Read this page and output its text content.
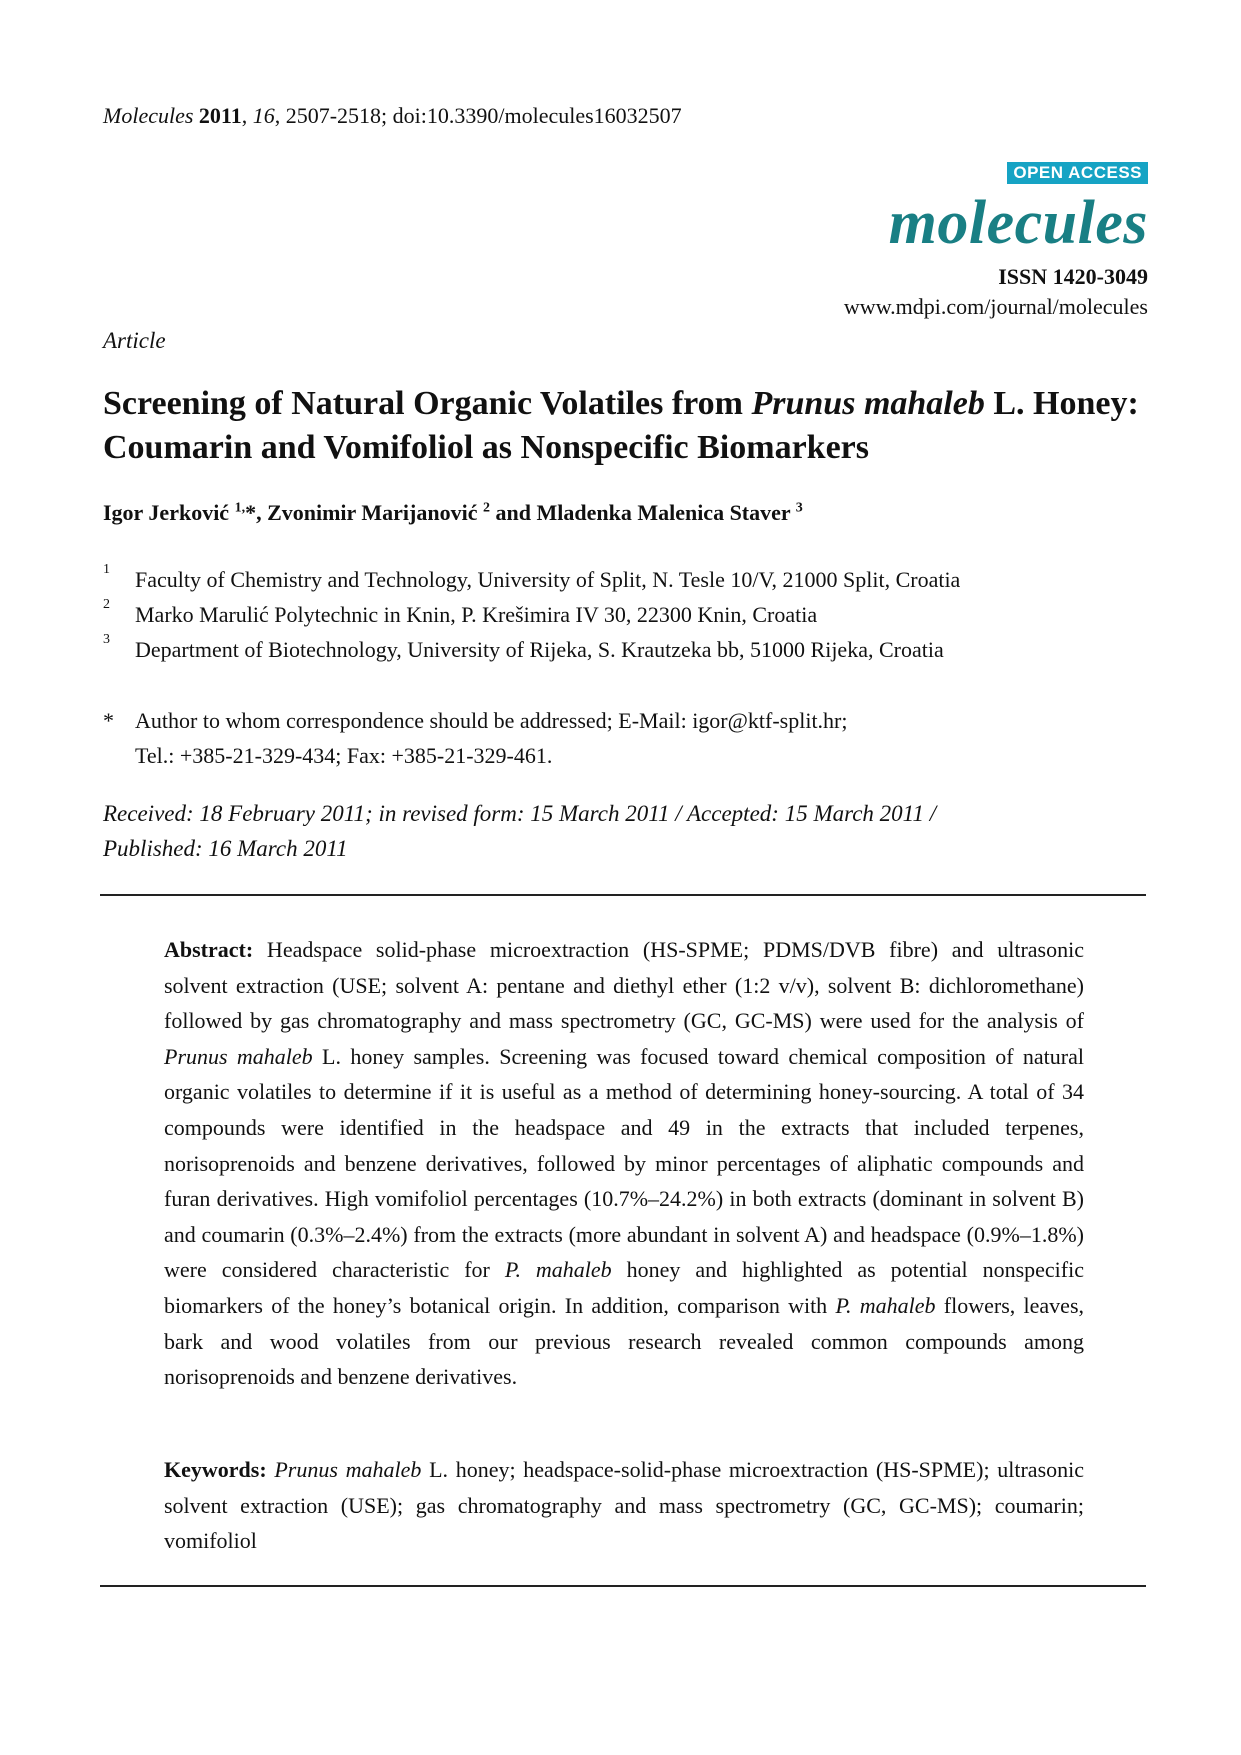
Molecules 2011, 16, 2507-2518; doi:10.3390/molecules16032507
OPEN ACCESS
molecules
ISSN 1420-3049
www.mdpi.com/journal/molecules
Article
Screening of Natural Organic Volatiles from Prunus mahaleb L. Honey: Coumarin and Vomifoliol as Nonspecific Biomarkers
Igor Jerković $^{1,}$*, Zvonimir Marijanović $^2$ and Mladenka Malenica Staver $^3$
1 Faculty of Chemistry and Technology, University of Split, N. Tesle 10/V, 21000 Split, Croatia
2 Marko Marulić Polytechnic in Knin, P. Krešimira IV 30, 22300 Knin, Croatia
3 Department of Biotechnology, University of Rijeka, S. Krautzeka bb, 51000 Rijeka, Croatia
* Author to whom correspondence should be addressed; E-Mail: igor@ktf-split.hr;
Tel.: +385-21-329-434; Fax: +385-21-329-461.
Received: 18 February 2011; in revised form: 15 March 2011 / Accepted: 15 March 2011 /
Published: 16 March 2011
Abstract: Headspace solid-phase microextraction (HS-SPME; PDMS/DVB fibre) and ultrasonic solvent extraction (USE; solvent A: pentane and diethyl ether (1:2 v/v), solvent B: dichloromethane) followed by gas chromatography and mass spectrometry (GC, GC-MS) were used for the analysis of Prunus mahaleb L. honey samples. Screening was focused toward chemical composition of natural organic volatiles to determine if it is useful as a method of determining honey-sourcing. A total of 34 compounds were identified in the headspace and 49 in the extracts that included terpenes, norisoprenoids and benzene derivatives, followed by minor percentages of aliphatic compounds and furan derivatives. High vomifoliol percentages (10.7%–24.2%) in both extracts (dominant in solvent B) and coumarin (0.3%–2.4%) from the extracts (more abundant in solvent A) and headspace (0.9%–1.8%) were considered characteristic for P. mahaleb honey and highlighted as potential nonspecific biomarkers of the honey’s botanical origin. In addition, comparison with P. mahaleb flowers, leaves, bark and wood volatiles from our previous research revealed common compounds among norisoprenoids and benzene derivatives.
Keywords: Prunus mahaleb L. honey; headspace-solid-phase microextraction (HS-SPME); ultrasonic solvent extraction (USE); gas chromatography and mass spectrometry (GC, GC-MS); coumarin; vomifoliol
